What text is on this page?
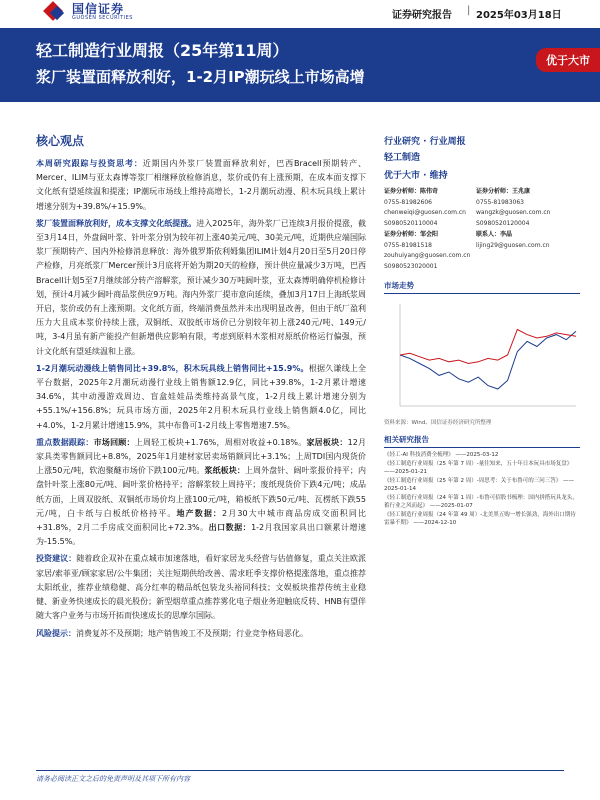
国信证券
GUOSEN SECURITIES	证券研究报告 | 2025年03月18日
轻工制造行业周报（25年第11周）
浆厂装置面释放利好，1-2月IP潮玩线上市场高增
优于大市
核心观点

本周研究跟踪与投资思考：近期国内外浆厂装置面释放利好，巴西Bracell预期转产、Mercer、ILIM与亚太森博等浆厂相继释放检修消息，浆价或仍有上涨预期，在成本面支撑下文化纸有望延续温和提涨；IP潮玩市场线上维持高增长，1-2月潮玩动漫、积木玩具线上累计增速分别为+39.8%/+15.9%。

浆厂装置面释放利好，成本支撑文化纸提涨。进入2025年，海外浆厂已连续3月报价提涨，截至3月14日，外盘阔叶浆、针叶浆分别为较年初上涨40美元/吨、30美元/吨，近期供应端国际浆厂预期转产、国内外检修消息释放：海外俄罗斯依利姆集团ILIM计划4月20日至5月20日停产检修，月亮纸浆厂Mercer预计3月底将开始为期20天的检修，预计供应量减少3万吨，巴西Bracell计划5至7月继续部分转产溶解浆，预计减少30万吨阔叶浆，亚太森博明确停机检修计划，预计4月减少阔叶商品浆供应9万吨。海内外浆厂提市意向延续，叠加3月17日上海纸浆周开启，浆价或仍有上涨预期。文化纸方面，终端消费虽然并未出现明显改善，但由于纸厂盈利压力大且成本浆价持续上涨，双铜纸、双胶纸市场价已分别较年初上涨240元/吨、149元/吨，3-4月虽有新产能投产但新增供应影响有限，考虑到原料木浆相对原纸价格运行偏强，预计文化纸有望延续温和上涨。

1-2月潮玩动漫线上销售同比+39.8%，积木玩具线上销售同比+15.9%。根据久谦线上全平台数据，2025年2月潮玩动漫行业线上销售额12.9亿，同比+39.8%，1-2月累计增速34.6%，其中动漫游戏周边、盲盒娃娃品类维持高景气度，1-2月线上累计增速分别为+55.1%/+156.8%；玩具市场方面，2025年2月积木玩具行业线上销售额4.0亿，同比+4.0%，1-2月累计增速15.9%，其中布鲁可1-2月线上零售增速7.5%。

重点数据跟踪：市场回顾：上周轻工板块+1.76%，周相对收益+0.18%。家居板块：12月家具类零售额同比+8.8%，2025年1月建材家居卖场销额同比+3.1%；上周TDI国内现货价上涨50元/吨，软泡聚醚市场价下跌100元/吨。浆纸板块：上周外盘针、阔叶浆报价持平；内盘针叶浆上涨80元/吨、阔叶浆价格持平；溶解浆较上周持平；废纸现货价下跌4元/吨；成品纸方面，上周双胶纸、双铜纸市场价均上涨100元/吨，箱板纸下跌50元/吨、瓦楞纸下跌55元/吨，白卡纸与白板纸价格持平。地产数据：2月30大中城市商品房成交面积同比+31.8%，2月二手房成交面积同比+72.3%。出口数据：1-2月我国家具出口额累计增速为-15.5%。

投资建议：随着政企双补在重点城市加速落地，看好家居龙头经营与估值修复，重点关注欧派家居/索菲亚/顾家家居/公牛集团；关注短期供给改善、需求旺季支撑价格提涨落地，重点推荐太阳纸业，推荐业绩稳健、高分红率的精品纸包装龙头裕同科技；文娱板块推荐传统主业稳健、新业务快速成长的晨光股份；新型烟草重点推荐雾化电子烟业务迎触底反转、HNB有望伴随大客户业务与市场开拓而快速成长的思摩尔国际。

风险提示：消费复苏不及预期；地产销售竣工不及预期；行业竞争格局恶化。

行业研究 · 行业周报
轻工制造
优于大市 · 维持
证券分析师：陈伟奇
0755-81982606
chenweiqi@guosen.com.cn
S0980520110004
证券分析师：王兆康
0755-81983063
wangzk@guosen.com.cn
S0980520120004
证券分析师：邹会阳
0755-81981518
zouhuiyang@guosen.com.cn
S0980523020001
联系人：李晶
lijing29@guosen.com.cn
市场走势
资料来源：Wind、国信证券经济研究所整理
相关研究报告
《轻工-AI 科技消费全梳理》 ——2025-03-12
《轻工制造行业周报（25 年第 7 周）-量往知来，五十年日本玩具市场复盘》 ——2025-01-21
《轻工制造行业周报（25 年第 2 周）-周思考：关于布鲁可的三问三答》 ——2025-01-14
《轻工制造行业周报（24 年第 1 周）-布鲁可招股书梳理：国内拼搭玩具龙头，蓄行业之风而起》 ——2025-01-07
《轻工制造行业周报（24 年第 49 周）-北美黑五购一增长强劲，海外出口期待雷暴不期》 ——2024-12-10
请务必阅读正文之后的免责声明及其项下所有内容
